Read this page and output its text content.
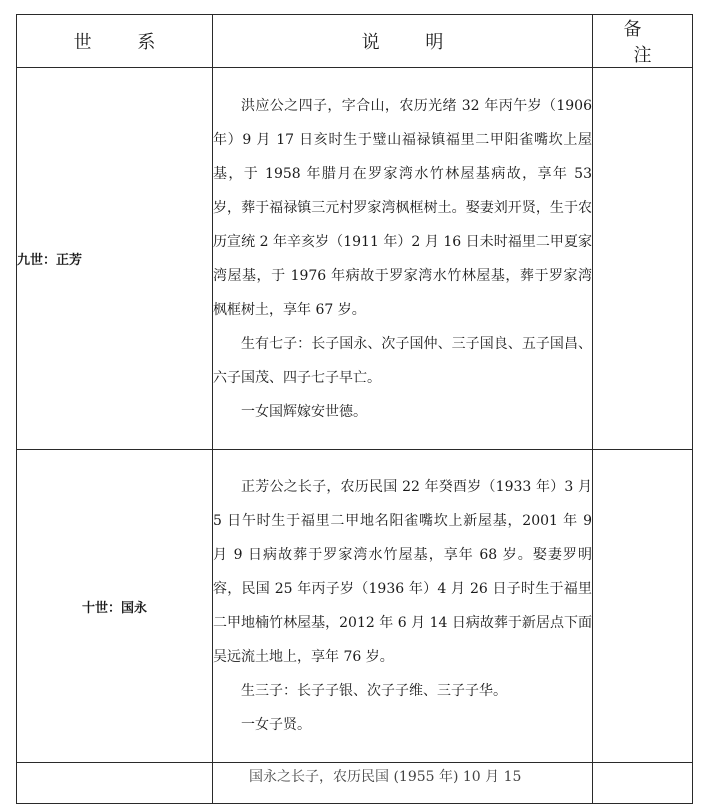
世 系	说 明	备 注
九世：正芳	洪应公之四子，字合山，农历光绪 32 年丙午岁（1906 年）9 月 17 日亥时生于璧山福禄镇福里二甲阳雀嘴坎上屋基，于 1958 年腊月在罗家湾水竹林屋基病故，享年 53 岁，葬于福禄镇三元村罗家湾枫框树土。娶妻刘开贤，生于农历宣统 2 年辛亥岁（1911 年）2 月 16 日未时福里二甲夏家湾屋基，于 1976 年病故于罗家湾水竹林屋基，葬于罗家湾枫框树土，享年 67 岁。

生有七子：长子国永、次子国仲、三子国良、五子国昌、六子国茂、四子七子早亡。

一女国辉嫁安世德。	

十世：国永	正芳公之长子，农历民国 22 年癸酉岁（1933 年）3 月 5 日午时生于福里二甲地名阳雀嘴坎上新屋基，2001 年 9 月 9 日病故葬于罗家湾水竹屋基，享年 68 岁。娶妻罗明容，民国 25 年丙子岁（1936 年）4 月 26 日子时生于福里二甲地楠竹林屋基，2012 年 6 月 14 日病故葬于新居点下面吴远流土地上，享年 76 岁。

生三子：长子子银、次子子维、三子子华。

一女子贤。	

	国永之长子，农历民国 (1955 年) 10 月 15	
